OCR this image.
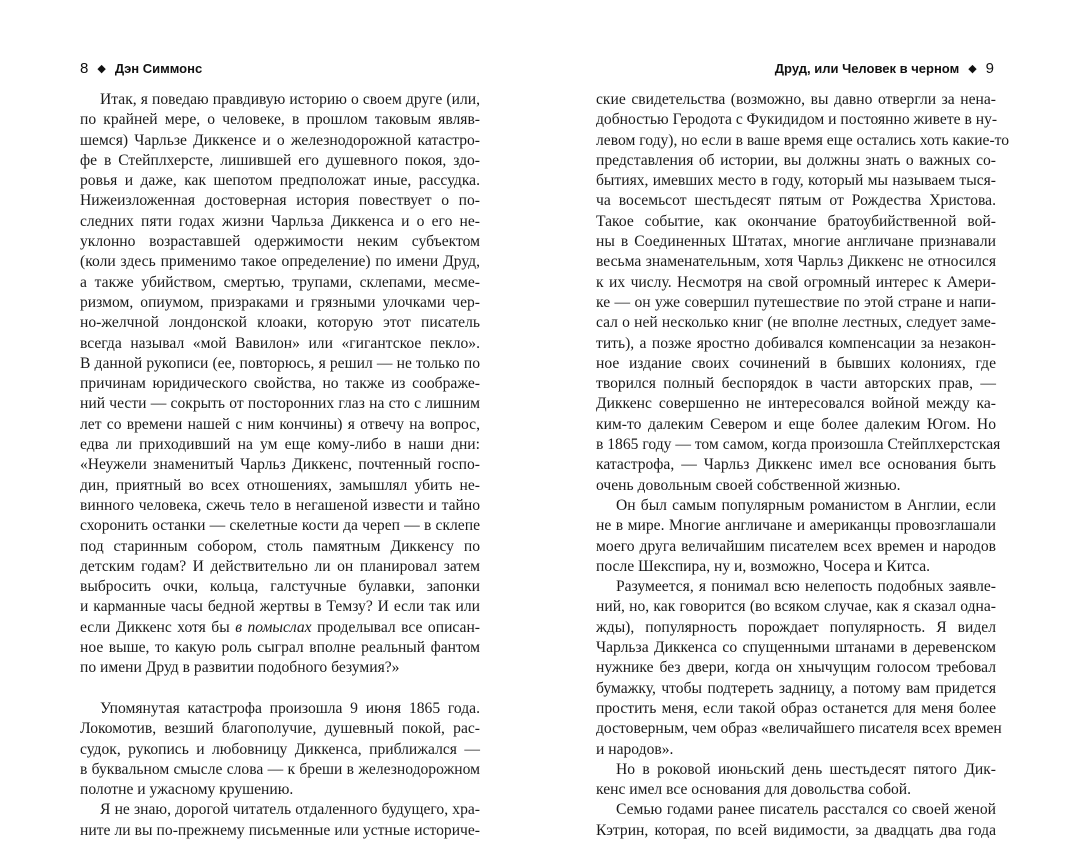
8 ◆ Дэн Симмонс
Итак, я поведаю правдивую историю о своем друге (или,
по крайней мере, о человеке, в прошлом таковым являв-
шемся) Чарльзе Диккенсе и о железнодорожной катастро-
фе в Стейплхерсте, лишившей его душевного покоя, здо-
ровья и даже, как шепотом предположат иные, рассудка.
Нижеизложенная достоверная история повествует о по-
следних пяти годах жизни Чарльза Диккенса и о его не-
уклонно возраставшей одержимости неким субъектом
(коли здесь применимо такое определение) по имени Друд,
а также убийством, смертью, трупами, склепами, месме-
ризмом, опиумом, призраками и грязными улочками чер-
но-желчной лондонской клоаки, которую этот писатель
всегда называл «мой Вавилон» или «гигантское пекло».
В данной рукописи (ее, повторюсь, я решил — не только по
причинам юридического свойства, но также из соображе-
ний чести — сокрыть от посторонних глаз на сто с лишним
лет со времени нашей с ним кончины) я отвечу на вопрос,
едва ли приходивший на ум еще кому-либо в наши дни:
«Неужели знаменитый Чарльз Диккенс, почтенный госпо-
дин, приятный во всех отношениях, замышлял убить не-
винного человека, сжечь тело в негашеной извести и тайно
схоронить останки — скелетные кости да череп — в склепе
под старинным собором, столь памятным Диккенсу по
детским годам? И действительно ли он планировал затем
выбросить очки, кольца, галстучные булавки, запонки
и карманные часы бедной жертвы в Темзу? И если так или
если Диккенс хотя бы в помыслах проделывал все описан-
ное выше, то какую роль сыграл вполне реальный фантом
по имени Друд в развитии подобного безумия?»
Упомянутая катастрофа произошла 9 июня 1865 года.
Локомотив, везший благополучие, душевный покой, рас-
судок, рукопись и любовницу Диккенса, приближался —
в буквальном смысле слова — к бреши в железнодорожном
полотне и ужасному крушению.
Я не знаю, дорогой читатель отдаленного будущего, хра-
ните ли вы по-прежнему письменные или устные историче-
Друд, или Человек в черном ◆ 9
ские свидетельства (возможно, вы давно отвергли за нена-
добностью Геродота с Фукидидом и постоянно живете в ну-
левом году), но если в ваше время еще остались хоть какие-то
представления об истории, вы должны знать о важных со-
бытиях, имевших место в году, который мы называем тыся-
ча восемьсот шестьдесят пятым от Рождества Христова.
Такое событие, как окончание братоубийственной вой-
ны в Соединенных Штатах, многие англичане признавали
весьма знаменательным, хотя Чарльз Диккенс не относился
к их числу. Несмотря на свой огромный интерес к Амери-
ке — он уже совершил путешествие по этой стране и напи-
сал о ней несколько книг (не вполне лестных, следует заме-
тить), а позже яростно добивался компенсации за незакон-
ное издание своих сочинений в бывших колониях, где
творился полный беспорядок в части авторских прав, —
Диккенс совершенно не интересовался войной между ка-
ким-то далеким Севером и еще более далеким Югом. Но
в 1865 году — том самом, когда произошла Стейплхерстская
катастрофа, — Чарльз Диккенс имел все основания быть
очень довольным своей собственной жизнью.
Он был самым популярным романистом в Англии, если
не в мире. Многие англичане и американцы провозглашали
моего друга величайшим писателем всех времен и народов
после Шекспира, ну и, возможно, Чосера и Китса.
Разумеется, я понимал всю нелепость подобных заявле-
ний, но, как говорится (во всяком случае, как я сказал одна-
жды), популярность порождает популярность. Я видел
Чарльза Диккенса со спущенными штанами в деревенском
нужнике без двери, когда он хнычущим голосом требовал
бумажку, чтобы подтереть задницу, а потому вам придется
простить меня, если такой образ останется для меня более
достоверным, чем образ «величайшего писателя всех времен
и народов».
Но в роковой июньский день шестьдесят пятого Дик-
кенс имел все основания для довольства собой.
Семью годами ранее писатель расстался со своей женой
Кэтрин, которая, по всей видимости, за двадцать два года
